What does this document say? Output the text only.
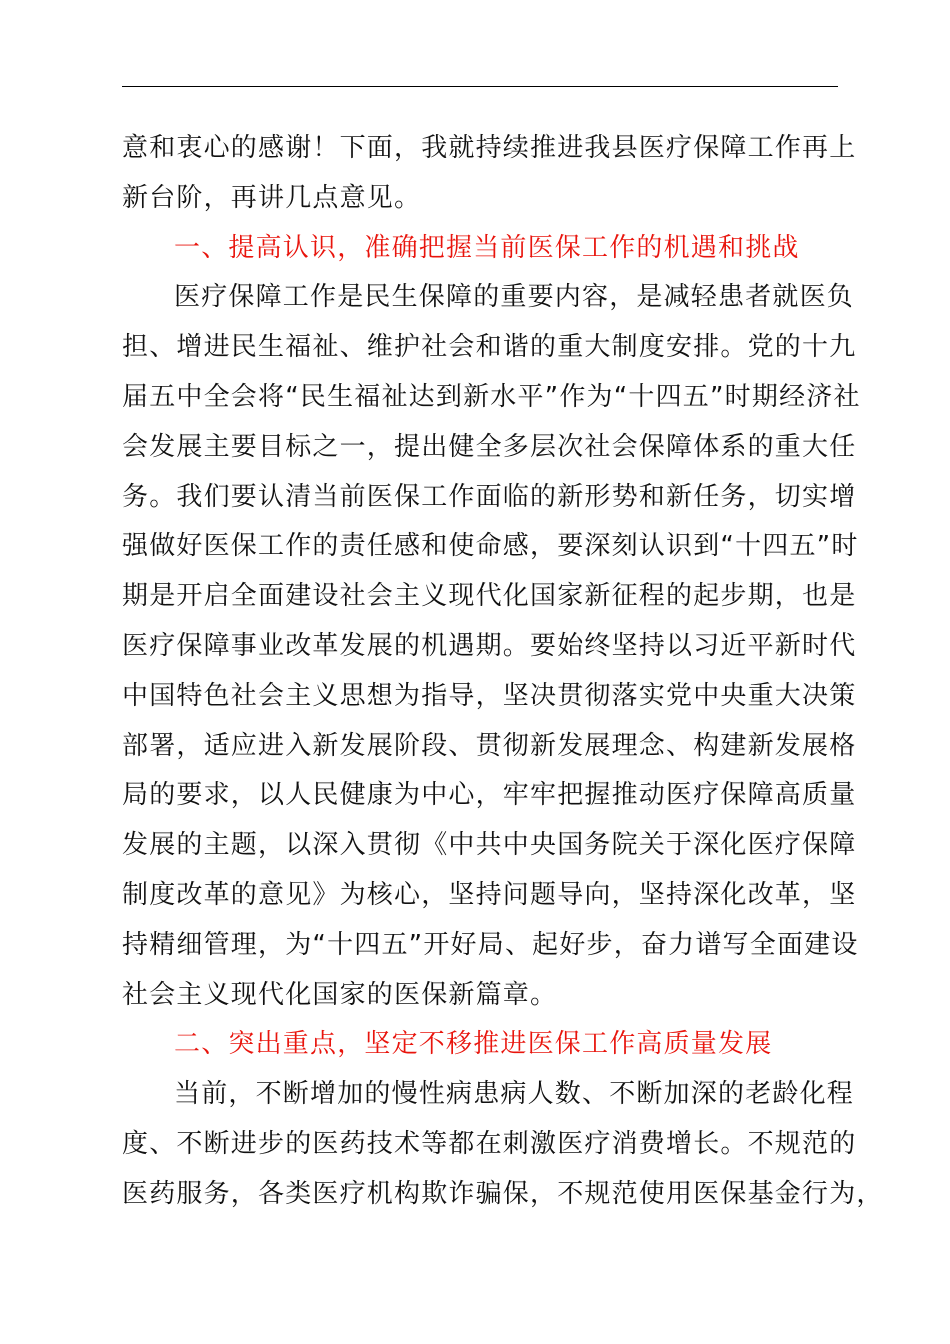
意和衷心的感谢！下面，我就持续推进我县医疗保障工作再上
新台阶，再讲几点意见。
一、提高认识，准确把握当前医保工作的机遇和挑战
医疗保障工作是民生保障的重要内容，是减轻患者就医负
担、增进民生福祉、维护社会和谐的重大制度安排。党的十九
届五中全会将“民生福祉达到新水平”作为“十四五”时期经济社
会发展主要目标之一，提出健全多层次社会保障体系的重大任
务。我们要认清当前医保工作面临的新形势和新任务，切实增
强做好医保工作的责任感和使命感，要深刻认识到“十四五”时
期是开启全面建设社会主义现代化国家新征程的起步期，也是
医疗保障事业改革发展的机遇期。要始终坚持以习近平新时代
中国特色社会主义思想为指导，坚决贯彻落实党中央重大决策
部署，适应进入新发展阶段、贯彻新发展理念、构建新发展格
局的要求，以人民健康为中心，牢牢把握推动医疗保障高质量
发展的主题，以深入贯彻《中共中央国务院关于深化医疗保障
制度改革的意见》为核心，坚持问题导向，坚持深化改革，坚
持精细管理，为“十四五”开好局、起好步，奋力谱写全面建设
社会主义现代化国家的医保新篇章。
二、突出重点，坚定不移推进医保工作高质量发展
当前，不断增加的慢性病患病人数、不断加深的老龄化程
度、不断进步的医药技术等都在刺激医疗消费增长。不规范的
医药服务，各类医疗机构欺诈骗保，不规范使用医保基金行为，
